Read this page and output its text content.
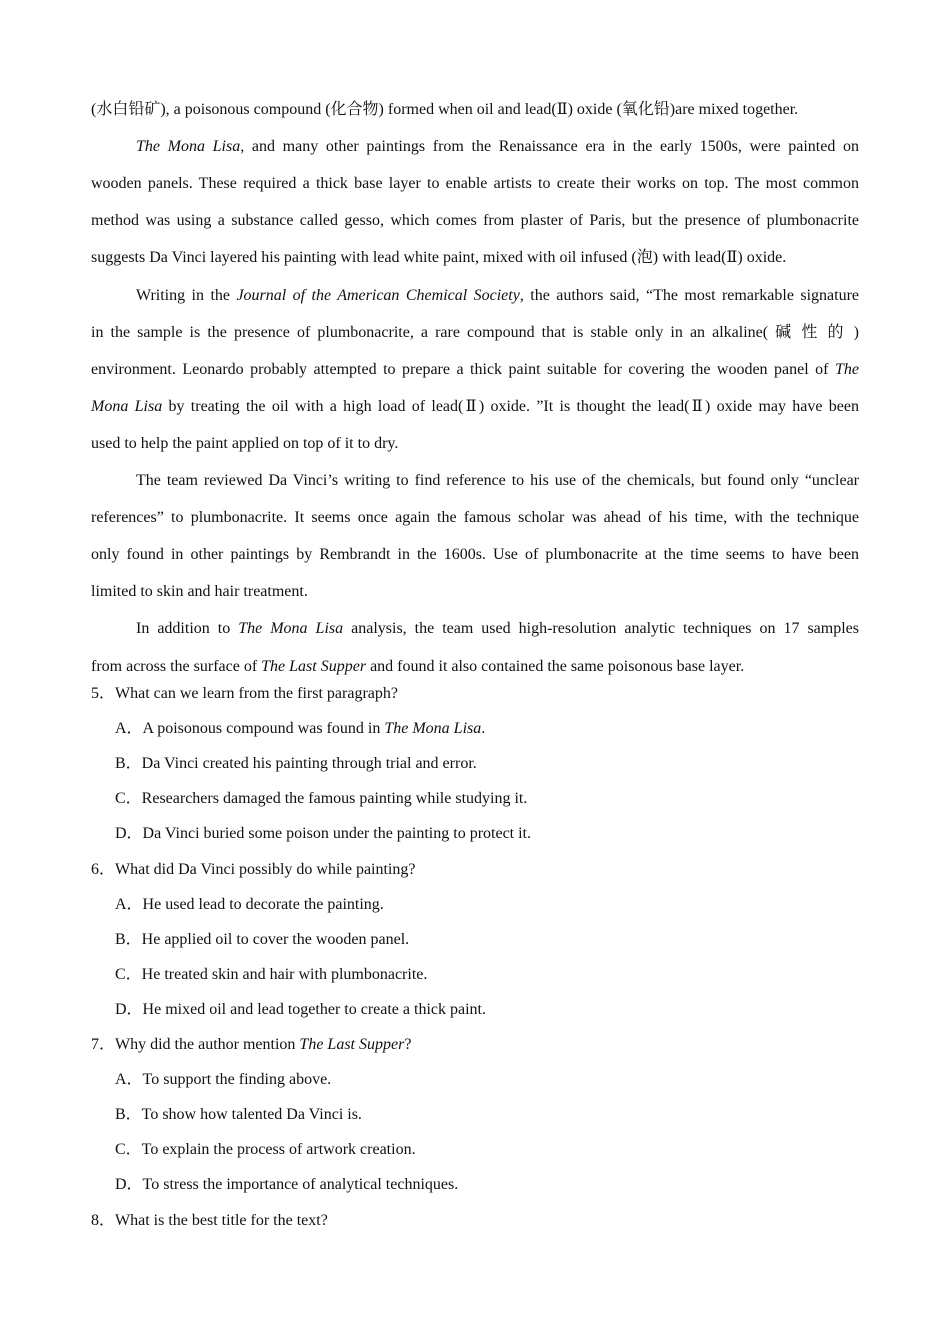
(水白铅矿), a poisonous compound (化合物) formed when oil and lead(Ⅱ) oxide (氧化铅)are mixed together.
The Mona Lisa, and many other paintings from the Renaissance era in the early 1500s, were painted on
wooden panels. These required a thick base layer to enable artists to create their works on top. The most common
method was using a substance called gesso, which comes from plaster of Paris, but the presence of plumbonacrite
suggests Da Vinci layered his painting with lead white paint, mixed with oil infused (泡) with lead(Ⅱ) oxide.
Writing in the Journal of the American Chemical Society, the authors said, “The most remarkable signature
in the sample is the presence of plumbonacrite, a rare compound that is stable only in an alkaline( 碱 性 的 )
environment. Leonardo probably attempted to prepare a thick paint suitable for covering the wooden panel of The
Mona Lisa by treating the oil with a high load of lead(Ⅱ) oxide. ”It is thought the lead(Ⅱ) oxide may have been
used to help the paint applied on top of it to dry.
The team reviewed Da Vinci’s writing to find reference to his use of the chemicals, but found only “unclear
references” to plumbonacrite. It seems once again the famous scholar was ahead of his time, with the technique
only found in other paintings by Rembrandt in the 1600s. Use of plumbonacrite at the time seems to have been
limited to skin and hair treatment.
In addition to The Mona Lisa analysis, the team used high-resolution analytic techniques on 17 samples
from across the surface of The Last Supper and found it also contained the same poisonous base layer.
5．What can we learn from the first paragraph?
A．A poisonous compound was found in The Mona Lisa.
B．Da Vinci created his painting through trial and error.
C．Researchers damaged the famous painting while studying it.
D．Da Vinci buried some poison under the painting to protect it.
6．What did Da Vinci possibly do while painting?
A．He used lead to decorate the painting.
B．He applied oil to cover the wooden panel.
C．He treated skin and hair with plumbonacrite.
D．He mixed oil and lead together to create a thick paint.
7．Why did the author mention The Last Supper?
A．To support the finding above.
B．To show how talented Da Vinci is.
C．To explain the process of artwork creation.
D．To stress the importance of analytical techniques.
8．What is the best title for the text?
